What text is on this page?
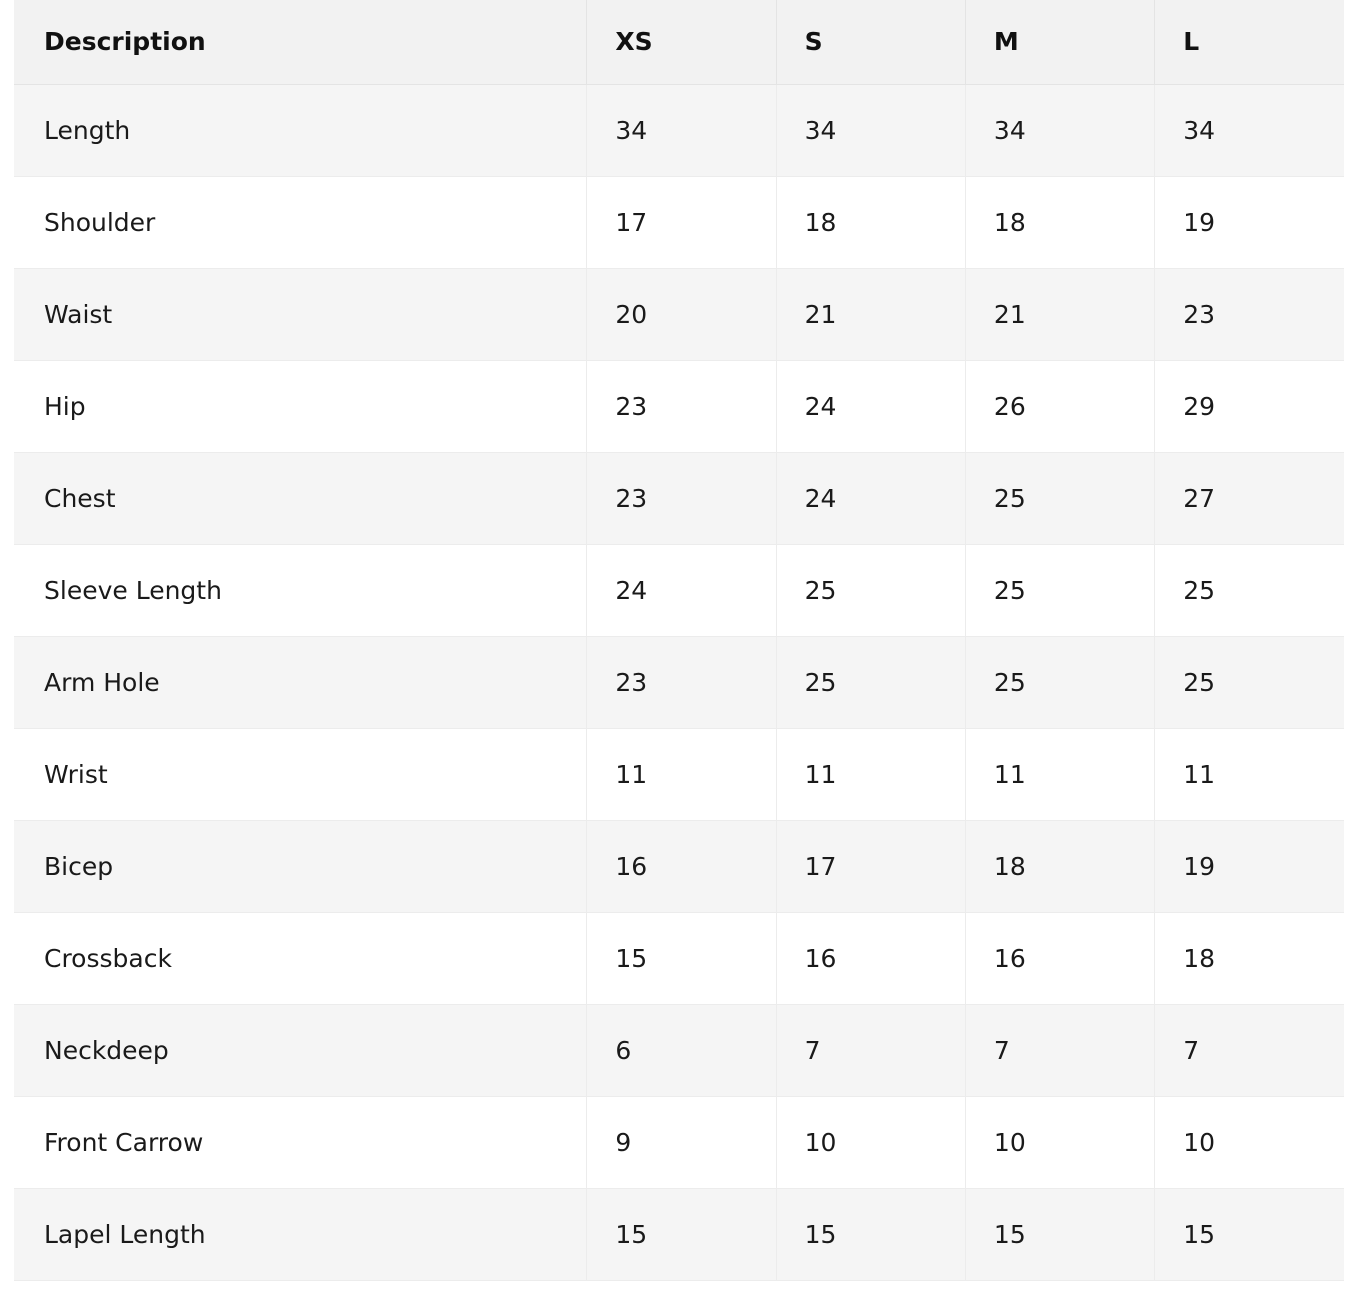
Description	XS	S	M	L
Length	34	34	34	34
Shoulder	17	18	18	19
Waist	20	21	21	23
Hip	23	24	26	29
Chest	23	24	25	27
Sleeve Length	24	25	25	25
Arm Hole	23	25	25	25
Wrist	11	11	11	11
Bicep	16	17	18	19
Crossback	15	16	16	18
Neckdeep	6	7	7	7
Front Carrow	9	10	10	10
Lapel Length	15	15	15	15
